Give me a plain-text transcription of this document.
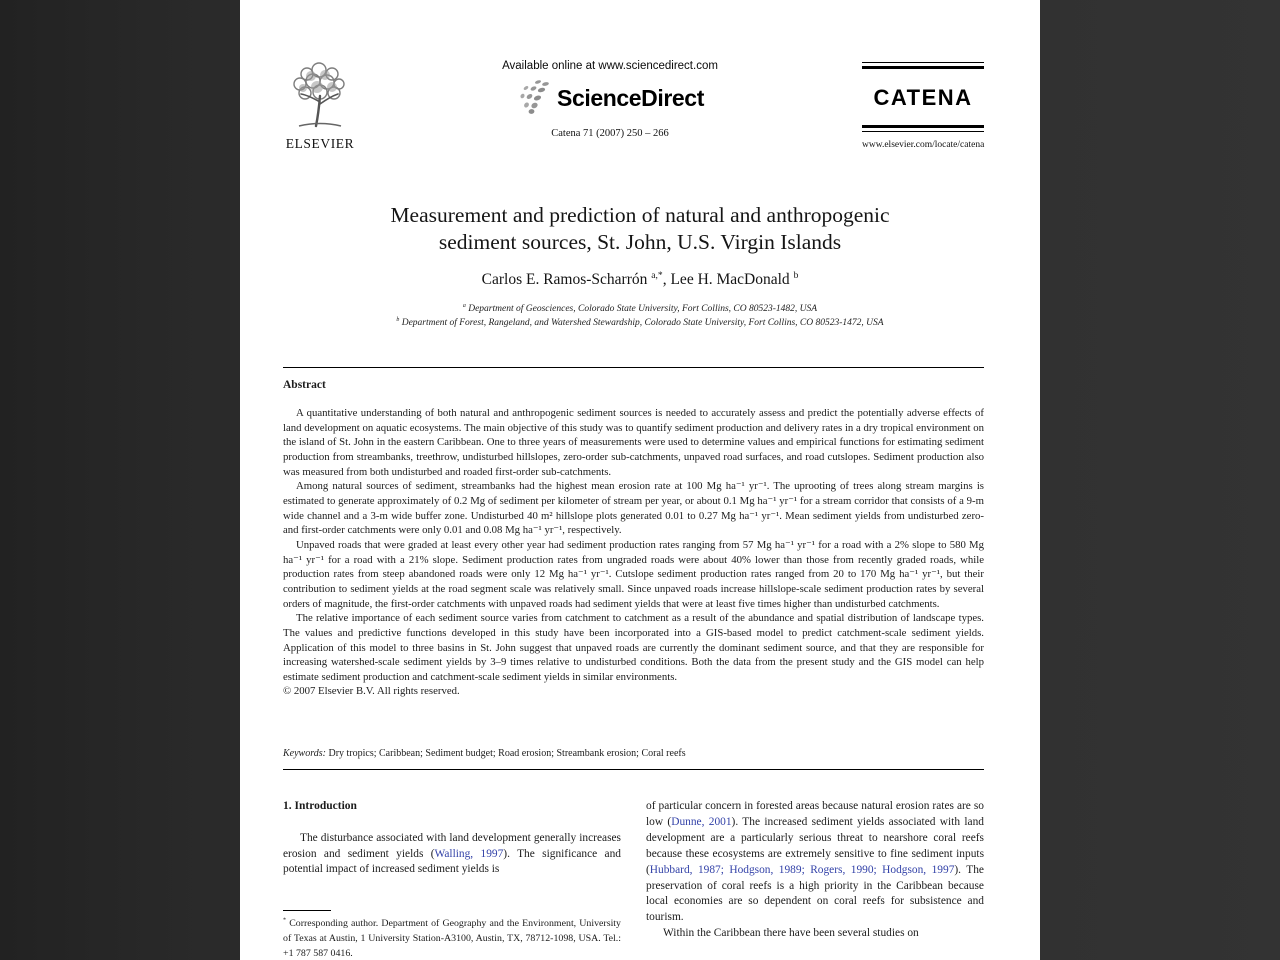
ELSEVIER
Available online at www.sciencedirect.com
ScienceDirect
Catena 71 (2007) 250 – 266
CATENA
www.elsevier.com/locate/catena
Measurement and prediction of natural and anthropogenic
sediment sources, St. John, U.S. Virgin Islands
Carlos E. Ramos-Scharrón $^{a,*}$, Lee H. MacDonald $^b$
$^a$ Department of Geosciences, Colorado State University, Fort Collins, CO 80523-1482, USA
$^b$ Department of Forest, Rangeland, and Watershed Stewardship, Colorado State University, Fort Collins, CO 80523-1472, USA
Abstract

A quantitative understanding of both natural and anthropogenic sediment sources is needed to accurately assess and predict the potentially adverse effects of land development on aquatic ecosystems. The main objective of this study was to quantify sediment production and delivery rates in a dry tropical environment on the island of St. John in the eastern Caribbean. One to three years of measurements were used to determine values and empirical functions for estimating sediment production from streambanks, treethrow, undisturbed hillslopes, zero-order sub-catchments, unpaved road surfaces, and road cutslopes. Sediment production also was measured from both undisturbed and roaded first-order sub-catchments.

Among natural sources of sediment, streambanks had the highest mean erosion rate at 100 Mg ha⁻¹ yr⁻¹. The uprooting of trees along stream margins is estimated to generate approximately of 0.2 Mg of sediment per kilometer of stream per year, or about 0.1 Mg ha⁻¹ yr⁻¹ for a stream corridor that consists of a 9-m wide channel and a 3-m wide buffer zone. Undisturbed 40 m² hillslope plots generated 0.01 to 0.27 Mg ha⁻¹ yr⁻¹. Mean sediment yields from undisturbed zero- and first-order catchments were only 0.01 and 0.08 Mg ha⁻¹ yr⁻¹, respectively.

Unpaved roads that were graded at least every other year had sediment production rates ranging from 57 Mg ha⁻¹ yr⁻¹ for a road with a 2% slope to 580 Mg ha⁻¹ yr⁻¹ for a road with a 21% slope. Sediment production rates from ungraded roads were about 40% lower than those from recently graded roads, while production rates from steep abandoned roads were only 12 Mg ha⁻¹ yr⁻¹. Cutslope sediment production rates ranged from 20 to 170 Mg ha⁻¹ yr⁻¹, but their contribution to sediment yields at the road segment scale was relatively small. Since unpaved roads increase hillslope-scale sediment production rates by several orders of magnitude, the first-order catchments with unpaved roads had sediment yields that were at least five times higher than undisturbed catchments.

The relative importance of each sediment source varies from catchment to catchment as a result of the abundance and spatial distribution of landscape types. The values and predictive functions developed in this study have been incorporated into a GIS-based model to predict catchment-scale sediment yields. Application of this model to three basins in St. John suggest that unpaved roads are currently the dominant sediment source, and that they are responsible for increasing watershed-scale sediment yields by 3–9 times relative to undisturbed conditions. Both the data from the present study and the GIS model can help estimate sediment production and catchment-scale sediment yields in similar environments.

© 2007 Elsevier B.V. All rights reserved.

Keywords: Dry tropics; Caribbean; Sediment budget; Road erosion; Streambank erosion; Coral reefs
1. Introduction

The disturbance associated with land development generally increases erosion and sediment yields (Walling, 1997). The significance and potential impact of increased sediment yields is

of particular concern in forested areas because natural erosion rates are so low (Dunne, 2001). The increased sediment yields associated with land development are a particularly serious threat to nearshore coral reefs because these ecosystems are extremely sensitive to fine sediment inputs (Hubbard, 1987; Hodgson, 1989; Rogers, 1990; Hodgson, 1997). The preservation of coral reefs is a high priority in the Caribbean because local economies are so dependent on coral reefs for subsistence and tourism.

Within the Caribbean there have been several studies on

* Corresponding author. Department of Geography and the Environment, University of Texas at Austin, 1 University Station-A3100, Austin, TX, 78712-1098, USA. Tel.: +1 787 587 0416.
